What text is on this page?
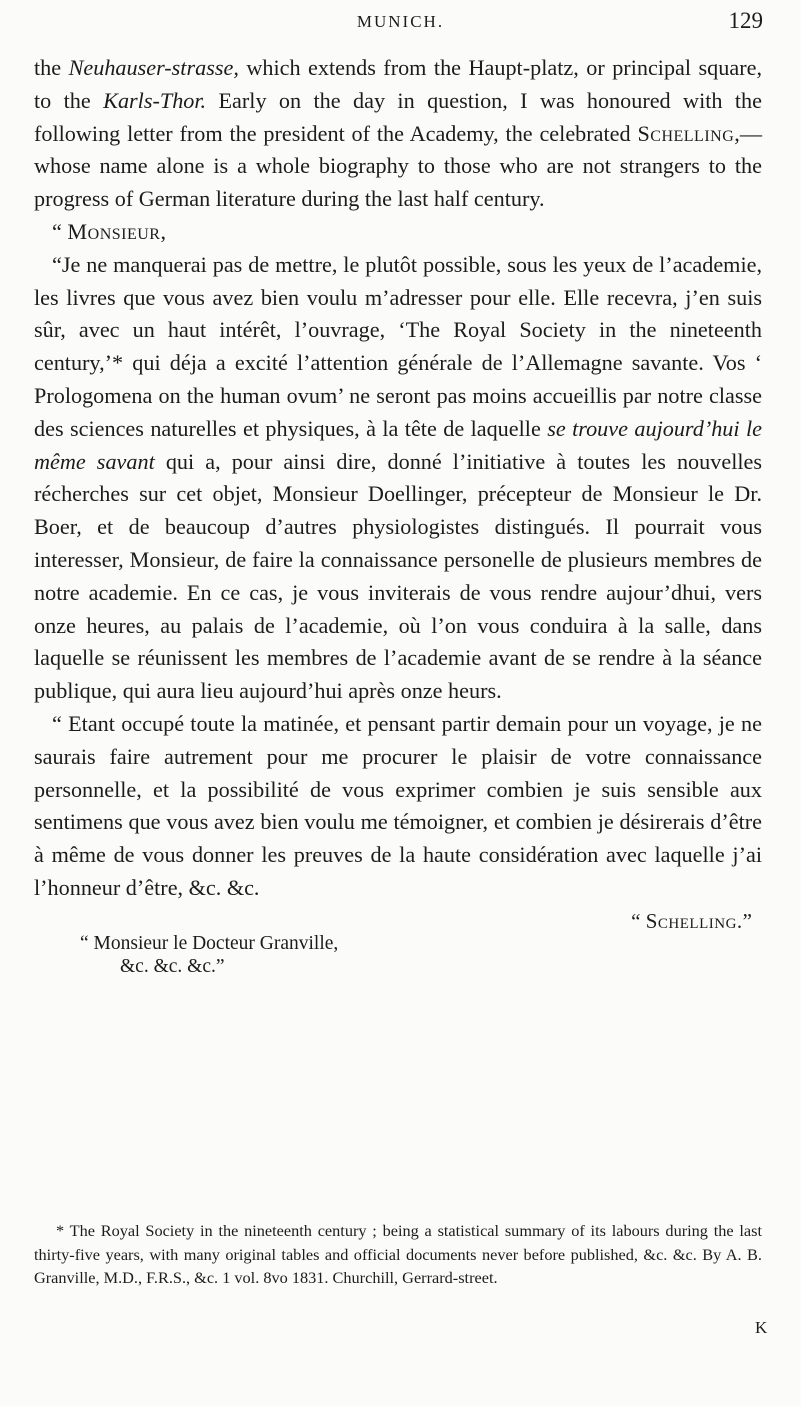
MUNICH.	129

the Neuhauser-strasse, which extends from the Haupt-platz, or principal square, to the Karls-Thor. Early on the day in question, I was honoured with the following letter from the president of the Academy, the celebrated Schelling,—whose name alone is a whole biography to those who are not strangers to the progress of German literature during the last half century.

“ Monsieur,

“Je ne manquerai pas de mettre, le plutôt possible, sous les yeux de l’academie, les livres que vous avez bien voulu m’adresser pour elle. Elle recevra, j’en suis sûr, avec un haut intérêt, l’ouvrage, ‘The Royal Society in the nineteenth century,’* qui déja a excité l’attention générale de l’Allemagne savante. Vos ‘ Prologomena on the human ovum’ ne seront pas moins accueillis par notre classe des sciences naturelles et physiques, à la tête de laquelle se trouve aujourd’hui le même savant qui a, pour ainsi dire, donné l’initiative à toutes les nouvelles récherches sur cet objet, Monsieur Doellinger, précepteur de Monsieur le Dr. Boer, et de beaucoup d’autres physiologistes distingués. Il pourrait vous interesser, Monsieur, de faire la connaissance personelle de plusieurs membres de notre academie. En ce cas, je vous inviterais de vous rendre aujour’dhui, vers onze heures, au palais de l’academie, où l’on vous conduira à la salle, dans laquelle se réunissent les membres de l’academie avant de se rendre à la séance publique, qui aura lieu aujourd’hui après onze heurs.

“ Etant occupé toute la matinée, et pensant partir demain pour un voyage, je ne saurais faire autrement pour me procurer le plaisir de votre connaissance personnelle, et la possibilité de vous exprimer combien je suis sensible aux sentimens que vous avez bien voulu me témoigner, et combien je désirerais d’être à même de vous donner les preuves de la haute considération avec laquelle j’ai l’honneur d’être, &c. &c.

“ Schelling.”
“ Monsieur le Docteur Granville,
&c. &c. &c.”
* The Royal Society in the nineteenth century ; being a statistical summary of its labours during the last thirty-five years, with many original tables and official documents never before published, &c. &c. By A. B. Granville, M.D., F.R.S., &c. 1 vol. 8vo 1831. Churchill, Gerrard-street.
K
